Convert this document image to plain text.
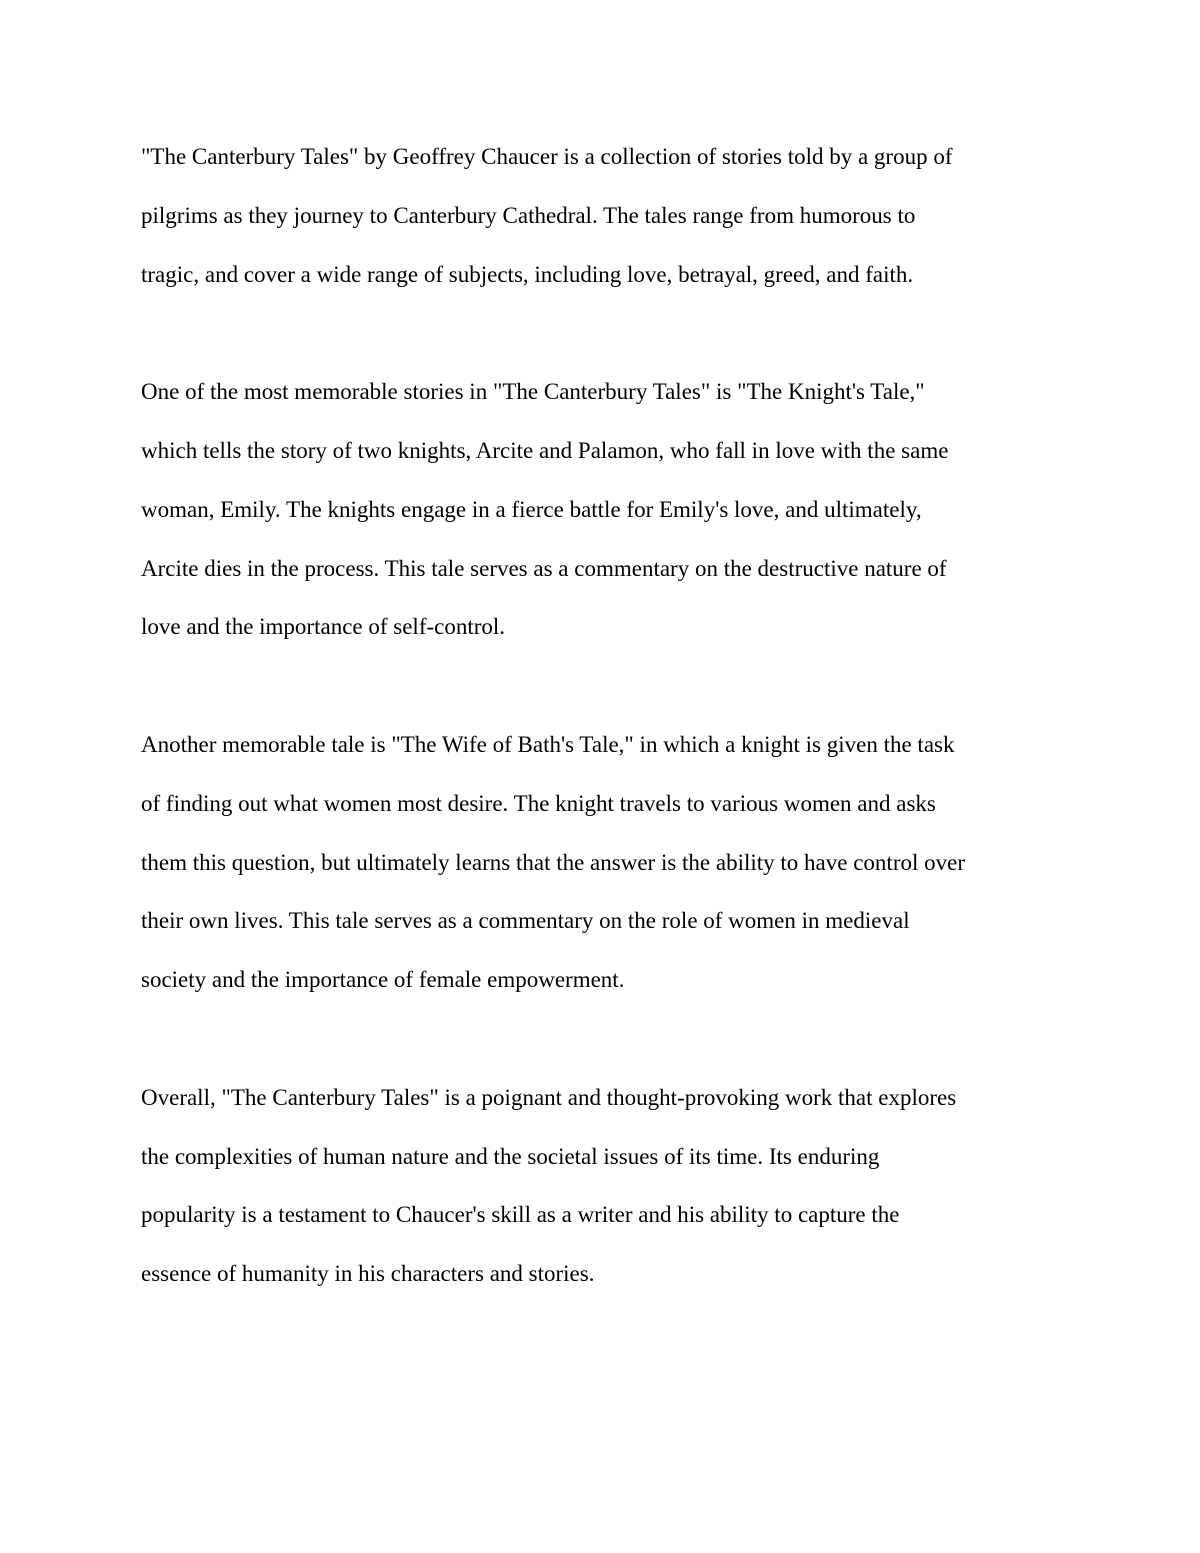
"The Canterbury Tales" by Geoffrey Chaucer is a collection of stories told by a group of
pilgrims as they journey to Canterbury Cathedral. The tales range from humorous to
tragic, and cover a wide range of subjects, including love, betrayal, greed, and faith.
One of the most memorable stories in "The Canterbury Tales" is "The Knight's Tale,"
which tells the story of two knights, Arcite and Palamon, who fall in love with the same
woman, Emily. The knights engage in a fierce battle for Emily's love, and ultimately,
Arcite dies in the process. This tale serves as a commentary on the destructive nature of
love and the importance of self-control.
Another memorable tale is "The Wife of Bath's Tale," in which a knight is given the task
of finding out what women most desire. The knight travels to various women and asks
them this question, but ultimately learns that the answer is the ability to have control over
their own lives. This tale serves as a commentary on the role of women in medieval
society and the importance of female empowerment.
Overall, "The Canterbury Tales" is a poignant and thought-provoking work that explores
the complexities of human nature and the societal issues of its time. Its enduring
popularity is a testament to Chaucer's skill as a writer and his ability to capture the
essence of humanity in his characters and stories.
